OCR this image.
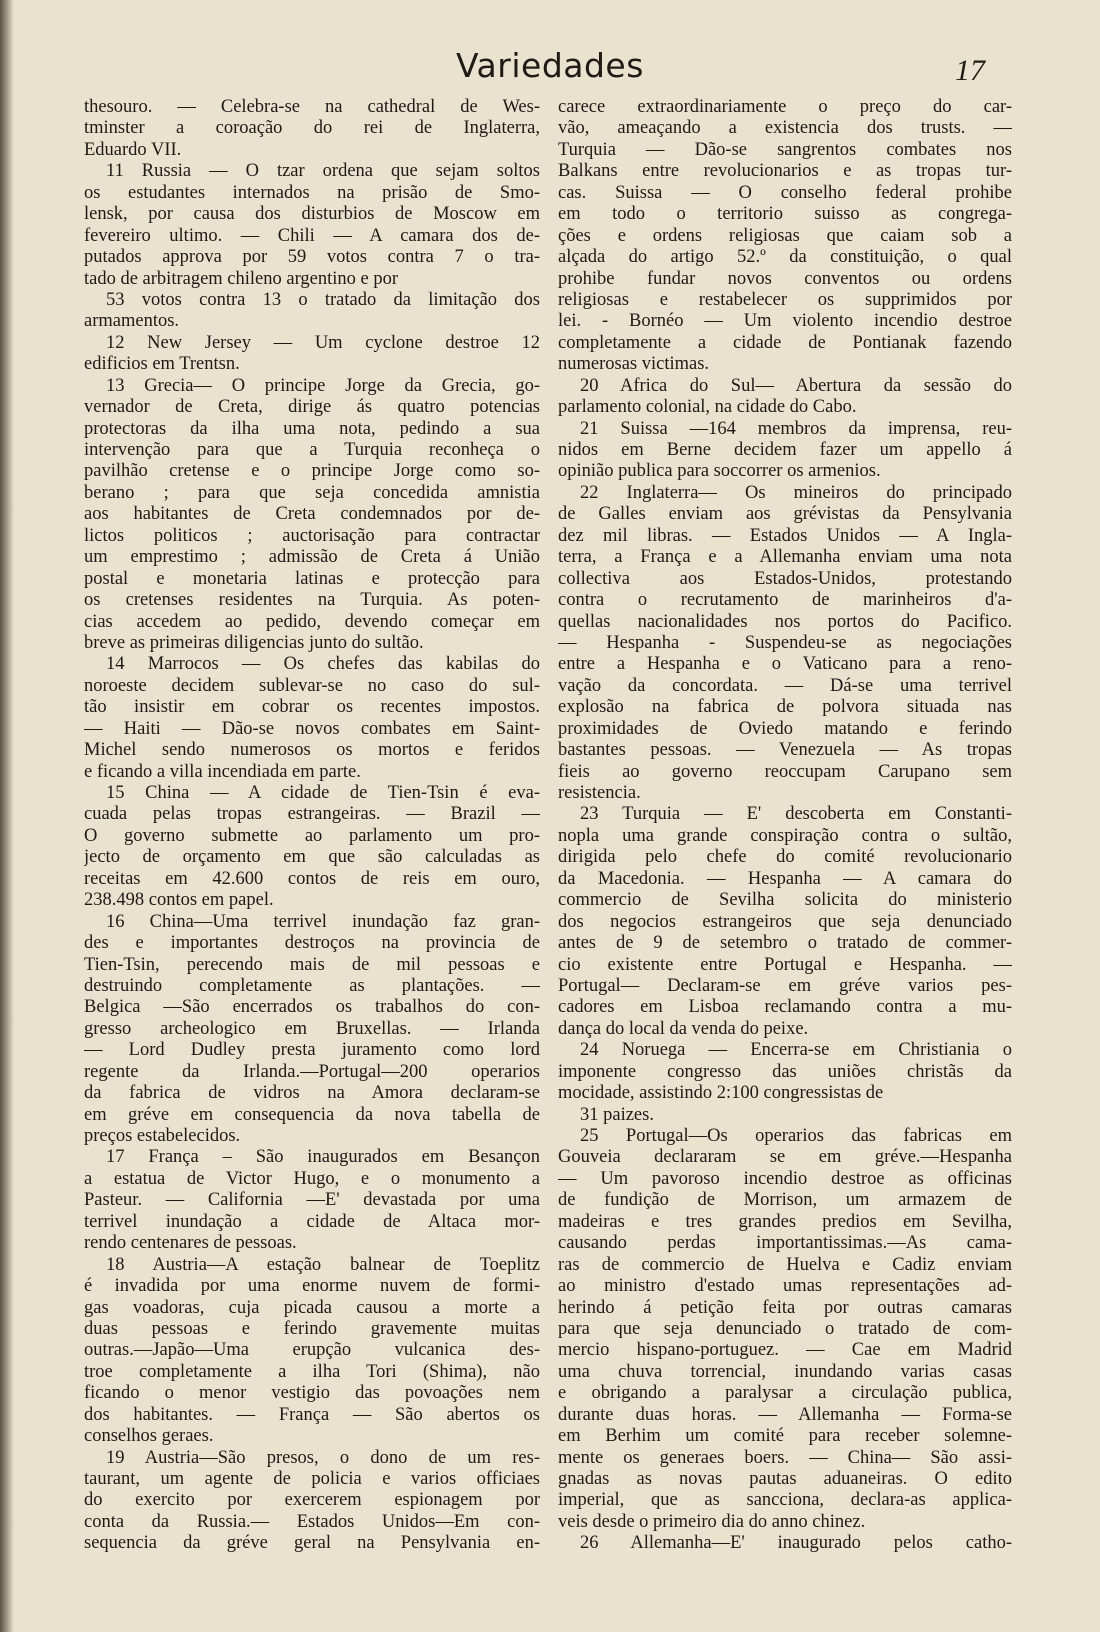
Variedades	17
thesouro. — Celebra-se na cathedral de Wes-
tminster a coroação do rei de Inglaterra,
Eduardo VII.
11 Russia — O tzar ordena que sejam soltos
os estudantes internados na prisão de Smo-
lensk, por causa dos disturbios de Moscow em
fevereiro ultimo. — Chili — A camara dos de-
putados approva por 59 votos contra 7 o tra-
tado de arbitragem chileno argentino e por
53 votos contra 13 o tratado da limitação dos
armamentos.
12 New Jersey — Um cyclone destroe 12
edificios em Trentsn.
13 Grecia— O principe Jorge da Grecia, go-
vernador de Creta, dirige ás quatro potencias
protectoras da ilha uma nota, pedindo a sua
intervenção para que a Turquia reconheça o
pavilhão cretense e o principe Jorge como so-
berano ; para que seja concedida amnistia
aos habitantes de Creta condemnados por de-
lictos politicos ; auctorisação para contractar
um emprestimo ; admissão de Creta á União
postal e monetaria latinas e protecção para
os cretenses residentes na Turquia. As poten-
cias accedem ao pedido, devendo começar em
breve as primeiras diligencias junto do sultão.
14 Marrocos — Os chefes das kabilas do
noroeste decidem sublevar-se no caso do sul-
tão insistir em cobrar os recentes impostos.
— Haiti — Dão-se novos combates em Saint-
Michel sendo numerosos os mortos e feridos
e ficando a villa incendiada em parte.
15 China — A cidade de Tien-Tsin é eva-
cuada pelas tropas estrangeiras. — Brazil —
O governo submette ao parlamento um pro-
jecto de orçamento em que são calculadas as
receitas em 42.600 contos de reis em ouro,
238.498 contos em papel.
16 China—Uma terrivel inundação faz gran-
des e importantes destroços na provincia de
Tien-Tsin, perecendo mais de mil pessoas e
destruindo completamente as plantações. —
Belgica —São encerrados os trabalhos do con-
gresso archeologico em Bruxellas. — Irlanda
— Lord Dudley presta juramento como lord
regente da Irlanda.—Portugal—200 operarios
da fabrica de vidros na Amora declaram-se
em gréve em consequencia da nova tabella de
preços estabelecidos.
17 França – São inaugurados em Besançon
a estatua de Victor Hugo, e o monumento a
Pasteur. — California —E' devastada por uma
terrivel inundação a cidade de Altaca mor-
rendo centenares de pessoas.
18 Austria—A estação balnear de Toeplitz
é invadida por uma enorme nuvem de formi-
gas voadoras, cuja picada causou a morte a
duas pessoas e ferindo gravemente muitas
outras.—Japão—Uma erupção vulcanica des-
troe completamente a ilha Tori (Shima), não
ficando o menor vestigio das povoações nem
dos habitantes. — França — São abertos os
conselhos geraes.
19 Austria—São presos, o dono de um res-
taurant, um agente de policia e varios officiaes
do exercito por exercerem espionagem por
conta da Russia.— Estados Unidos—Em con-
sequencia da gréve geral na Pensylvania en-
carece extraordinariamente o preço do car-
vão, ameaçando a existencia dos trusts. —
Turquia — Dão-se sangrentos combates nos
Balkans entre revolucionarios e as tropas tur-
cas. Suissa — O conselho federal prohibe
em todo o territorio suisso as congrega-
ções e ordens religiosas que caiam sob a
alçada do artigo 52.º da constituição, o qual
prohibe fundar novos conventos ou ordens
religiosas e restabelecer os supprimidos por
lei. - Bornéo — Um violento incendio destroe
completamente a cidade de Pontianak fazendo
numerosas victimas.
20 Africa do Sul— Abertura da sessão do
parlamento colonial, na cidade do Cabo.
21 Suissa —164 membros da imprensa, reu-
nidos em Berne decidem fazer um appello á
opinião publica para soccorrer os armenios.
22 Inglaterra— Os mineiros do principado
de Galles enviam aos grévistas da Pensylvania
dez mil libras. — Estados Unidos — A Ingla-
terra, a França e a Allemanha enviam uma nota
collectiva aos Estados-Unidos, protestando
contra o recrutamento de marinheiros d'a-
quellas nacionalidades nos portos do Pacifico.
— Hespanha - Suspendeu-se as negociações
entre a Hespanha e o Vaticano para a reno-
vação da concordata. — Dá-se uma terrivel
explosão na fabrica de polvora situada nas
proximidades de Oviedo matando e ferindo
bastantes pessoas. — Venezuela — As tropas
fieis ao governo reoccupam Carupano sem
resistencia.
23 Turquia — E' descoberta em Constanti-
nopla uma grande conspiração contra o sultão,
dirigida pelo chefe do comité revolucionario
da Macedonia. — Hespanha — A camara do
commercio de Sevilha solicita do ministerio
dos negocios estrangeiros que seja denunciado
antes de 9 de setembro o tratado de commer-
cio existente entre Portugal e Hespanha. —
Portugal— Declaram-se em gréve varios pes-
cadores em Lisboa reclamando contra a mu-
dança do local da venda do peixe.
24 Noruega — Encerra-se em Christiania o
imponente congresso das uniões christãs da
mocidade, assistindo 2:100 congressistas de
31 paizes.
25 Portugal—Os operarios das fabricas em
Gouveia declararam se em gréve.—Hespanha
— Um pavoroso incendio destroe as officinas
de fundição de Morrison, um armazem de
madeiras e tres grandes predios em Sevilha,
causando perdas importantissimas.—As cama-
ras de commercio de Huelva e Cadiz enviam
ao ministro d'estado umas representações ad-
herindo á petição feita por outras camaras
para que seja denunciado o tratado de com-
mercio hispano-portuguez. — Cae em Madrid
uma chuva torrencial, inundando varias casas
e obrigando a paralysar a circulação publica,
durante duas horas. — Allemanha — Forma-se
em Berhim um comité para receber solemne-
mente os generaes boers. — China— São assi-
gnadas as novas pautas aduaneiras. O edito
imperial, que as sancciona, declara-as applica-
veis desde o primeiro dia do anno chinez.
26 Allemanha—E' inaugurado pelos catho-
